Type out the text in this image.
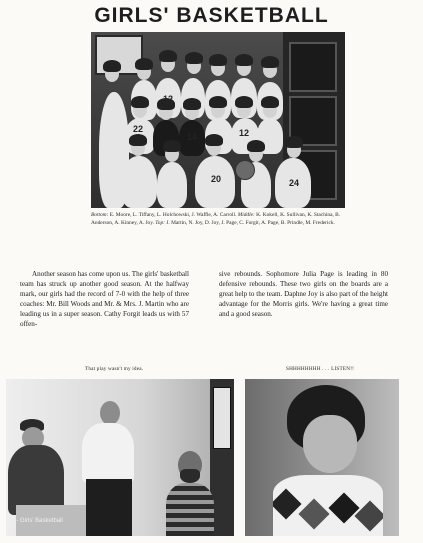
GIRLS' BASKETBALL
22
12
14	12
20	24
Bottom: E. Moore, L. Tiffany, L. Holchowski, J. Waffle, A. Carroll. Middle: K. Kokell, K. Sullivan, K. Stachina, B. Anderson, A. Kinney, A. Joy. Top: J. Martin, N. Joy, D. Joy, J. Page, C. Forgit, A. Page, B. Prindle, M. Frederick.
Another season has come upon us. The girls' basketball team has struck up another good season. At the halfway mark, our girls had the record of 7-0 with the help of three coaches: Mr. Bill Woods and Mr. & Mrs. J. Martin who are leading us in a super season. Cathy Forgit leads us with 57 offen-
sive rebounds. Sophomore Julia Page is leading in 80 defensive rebounds. These two girls on the boards are a great help to the team. Daphne Joy is also part of the height advantage for the Morris girls. We're having a great time and a good season.
That play wasn't my idea.	SHHHHHHHH . . . LISTEN!!
72 - Girls' Basketball
